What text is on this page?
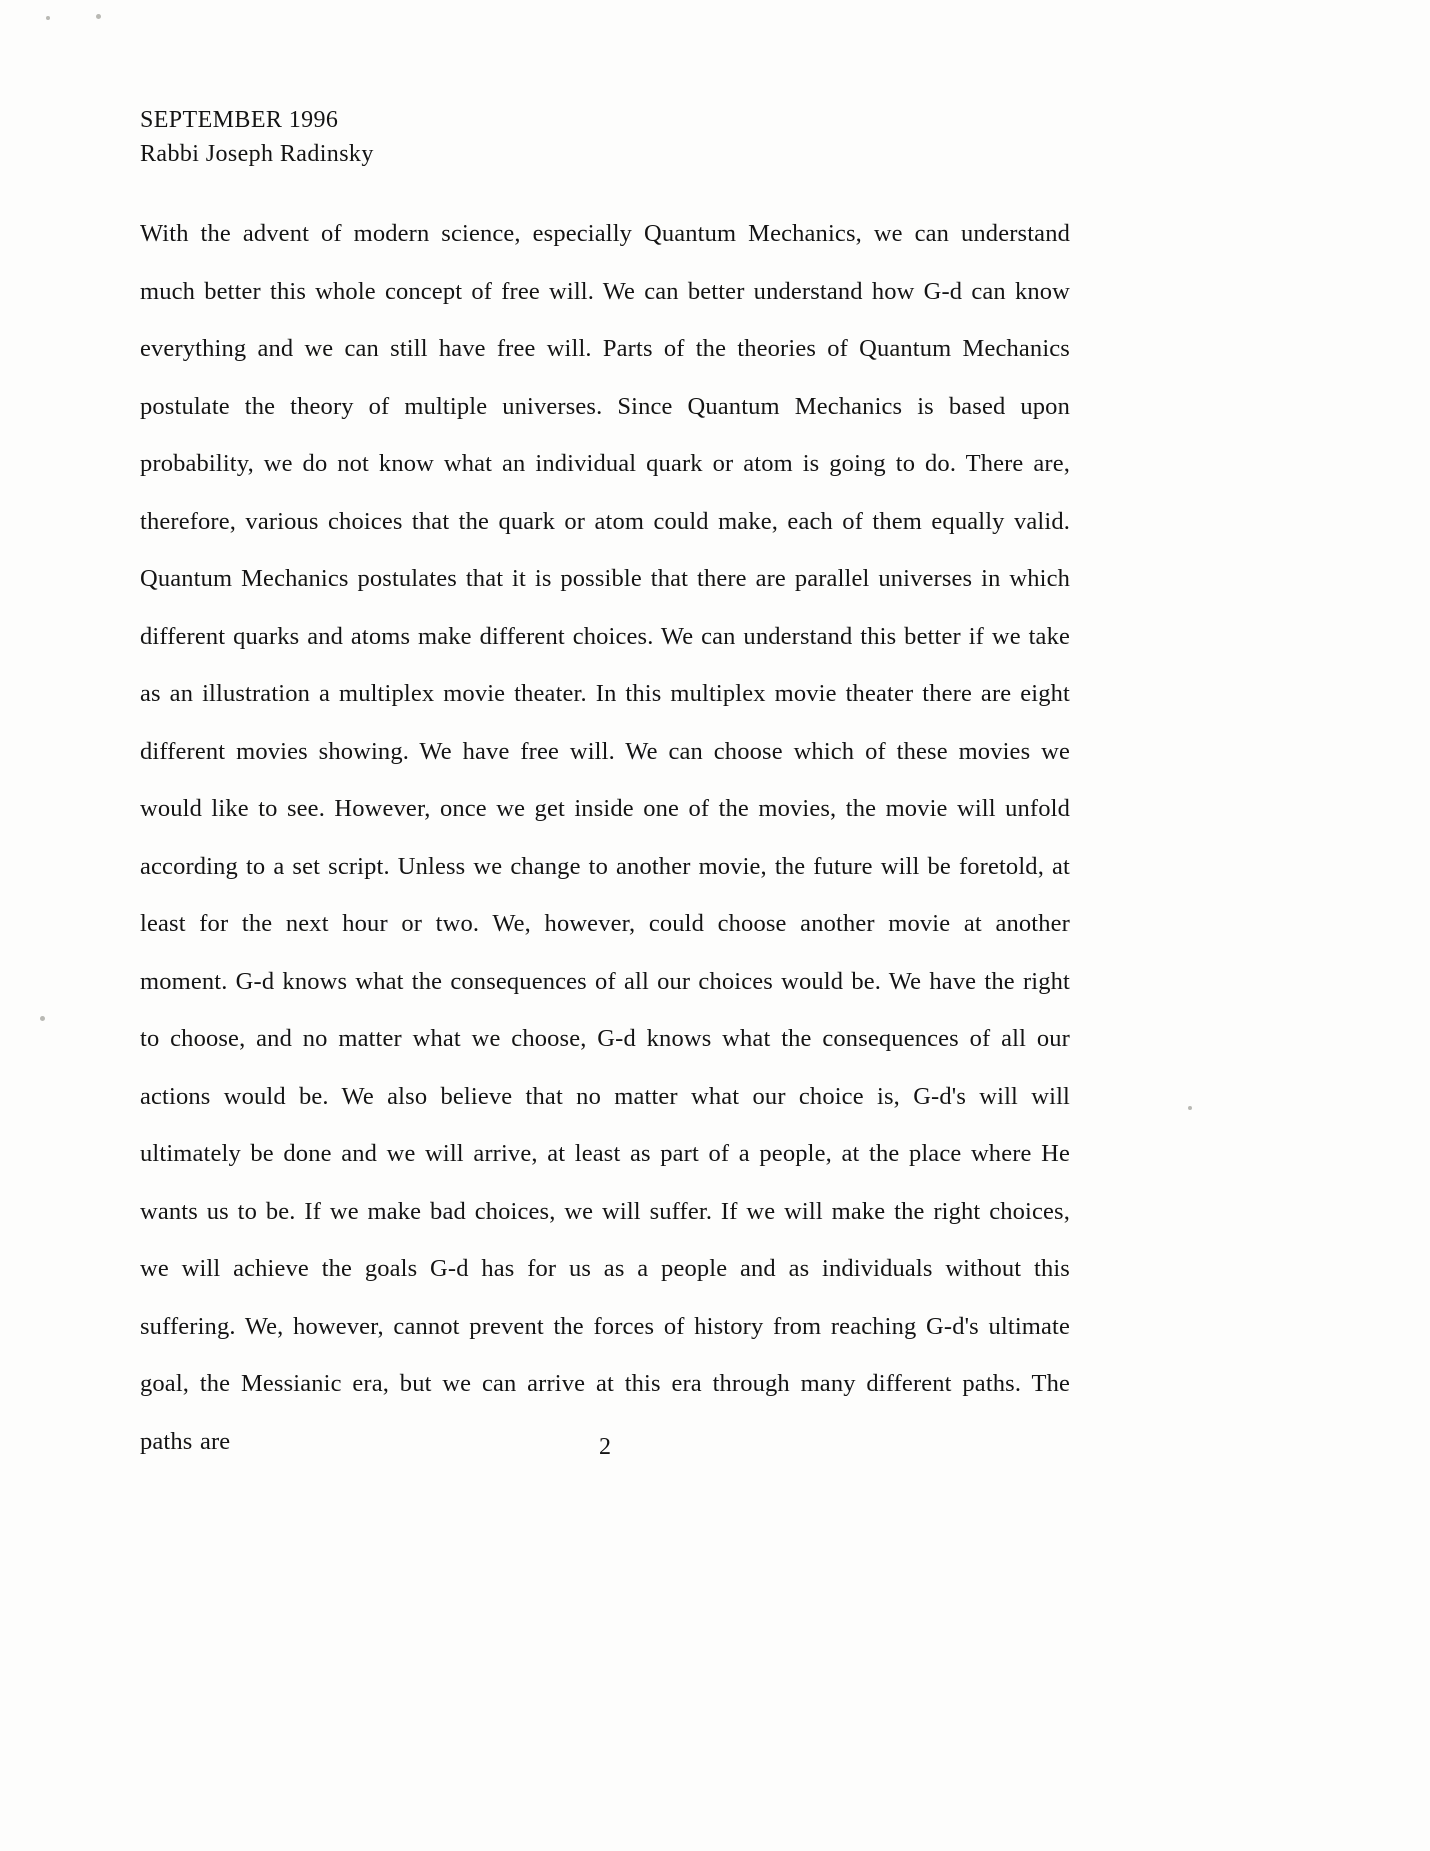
SEPTEMBER 1996
Rabbi Joseph Radinsky

With the advent of modern science, especially Quantum Mechanics, we can understand much better this whole concept of free will. We can better understand how G-d can know everything and we can still have free will. Parts of the theories of Quantum Mechanics postulate the theory of multiple universes. Since Quantum Mechanics is based upon probability, we do not know what an individual quark or atom is going to do. There are, therefore, various choices that the quark or atom could make, each of them equally valid. Quantum Mechanics postulates that it is possible that there are parallel universes in which different quarks and atoms make different choices. We can understand this better if we take as an illustration a multiplex movie theater. In this multiplex movie theater there are eight different movies showing. We have free will. We can choose which of these movies we would like to see. However, once we get inside one of the movies, the movie will unfold according to a set script. Unless we change to another movie, the future will be foretold, at least for the next hour or two. We, however, could choose another movie at another moment. G-d knows what the consequences of all our choices would be. We have the right to choose, and no matter what we choose, G-d knows what the consequences of all our actions would be. We also believe that no matter what our choice is, G-d's will will ultimately be done and we will arrive, at least as part of a people, at the place where He wants us to be. If we make bad choices, we will suffer. If we will make the right choices, we will achieve the goals G-d has for us as a people and as individuals without this suffering. We, however, cannot prevent the forces of history from reaching G-d's ultimate goal, the Messianic era, but we can arrive at this era through many different paths. The paths are	2
